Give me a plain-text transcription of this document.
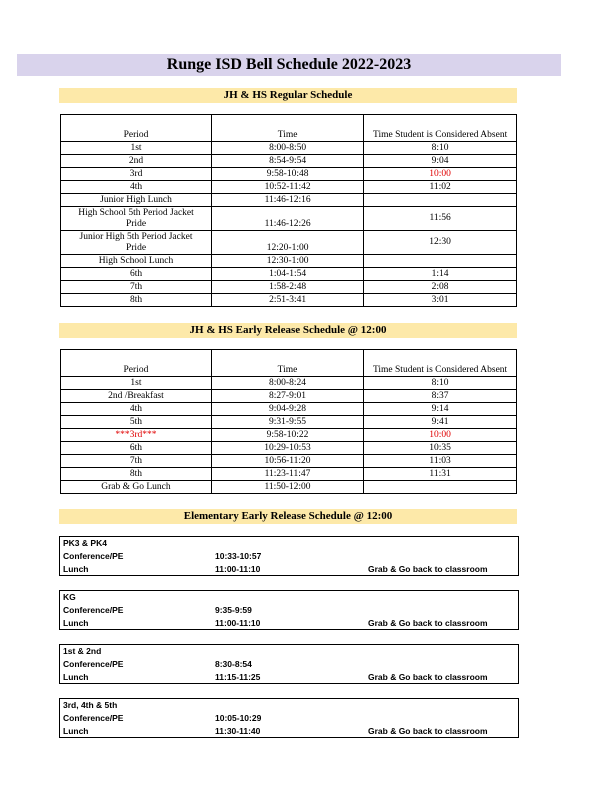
Runge ISD Bell Schedule 2022-2023
JH & HS Regular Schedule
Period	Time	Time Student is Considered Absent
1st	8:00-8:50	8:10
2nd	8:54-9:54	9:04
3rd	9:58-10:48	10:00
4th	10:52-11:42	11:02
Junior High Lunch	11:46-12:16	
High School 5th Period Jacket Pride	11:46-12:26	11:56
Junior High 5th Period Jacket Pride	12:20-1:00	12:30
High School Lunch	12:30-1:00	
6th	1:04-1:54	1:14
7th	1:58-2:48	2:08
8th	2:51-3:41	3:01
JH & HS Early Release Schedule @ 12:00
Period	Time	Time Student is Considered Absent
1st	8:00-8:24	8:10
2nd /Breakfast	8:27-9:01	8:37
4th	9:04-9:28	9:14
5th	9:31-9:55	9:41
***3rd***	9:58-10:22	10:00
6th	10:29-10:53	10:35
7th	10:56-11:20	11:03
8th	11:23-11:47	11:31
Grab & Go Lunch	11:50-12:00	
Elementary Early Release Schedule @ 12:00
PK3 & PK4
Conference/PE	10:33-10:57
Lunch	11:00-11:10	Grab & Go back to classroom
KG
Conference/PE	9:35-9:59
Lunch	11:00-11:10	Grab & Go back to classroom
1st & 2nd
Conference/PE	8:30-8:54
Lunch	11:15-11:25	Grab & Go back to classroom
3rd, 4th & 5th
Conference/PE	10:05-10:29
Lunch	11:30-11:40	Grab & Go back to classroom
